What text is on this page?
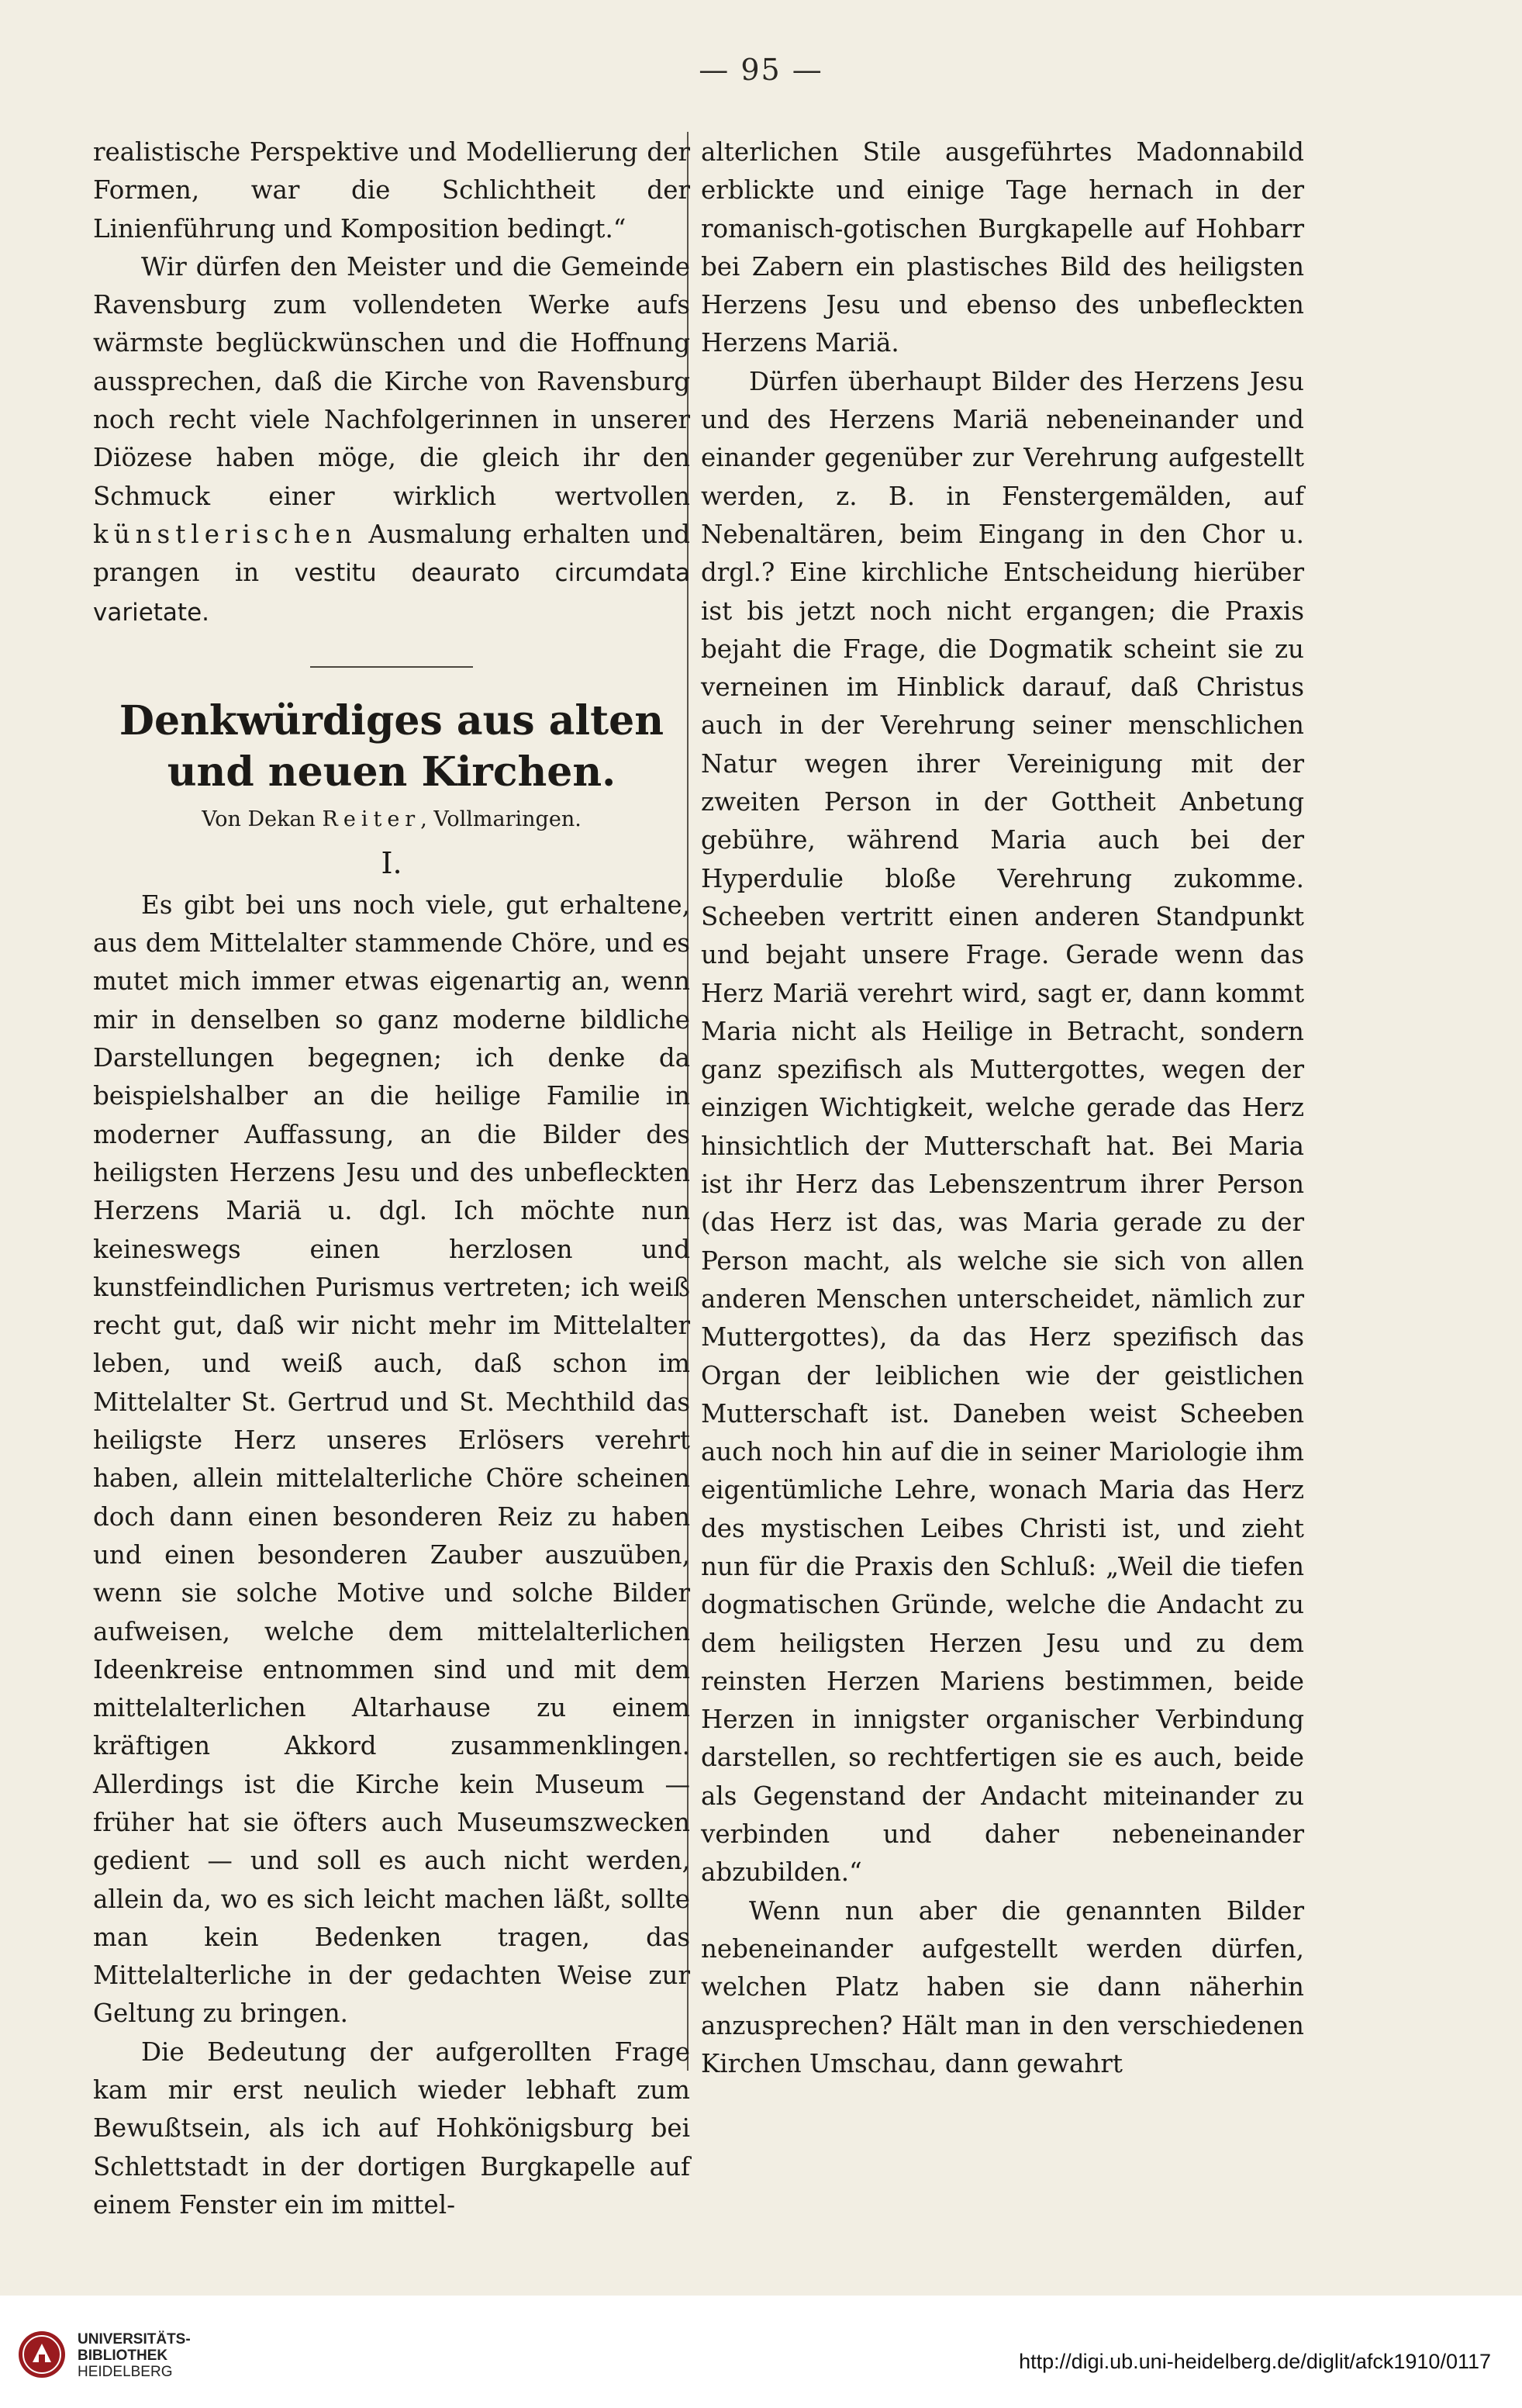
— 95 —

realistische Perspektive und Modellierung der Formen, war die Schlichtheit der Linienführung und Komposition bedingt.“

Wir dürfen den Meister und die Gemeinde Ravensburg zum vollendeten Werke aufs wärmste beglückwünschen und die Hoffnung aussprechen, daß die Kirche von Ravensburg noch recht viele Nachfolgerinnen in unserer Diözese haben möge, die gleich ihr den Schmuck einer wirklich wertvollen künstlerischen Ausmalung erhalten und prangen in vestitu deaurato circumdata varietate.

Denkwürdiges aus alten und neuen Kirchen.
Von Dekan Reiter, Vollmaringen.
I.

Es gibt bei uns noch viele, gut erhaltene, aus dem Mittelalter stammende Chöre, und es mutet mich immer etwas eigenartig an, wenn mir in denselben so ganz moderne bildliche Darstellungen begegnen; ich denke da beispielshalber an die heilige Familie in moderner Auffassung, an die Bilder des heiligsten Herzens Jesu und des unbefleckten Herzens Mariä u. dgl. Ich möchte nun keineswegs einen herzlosen und kunstfeindlichen Purismus vertreten; ich weiß recht gut, daß wir nicht mehr im Mittelalter leben, und weiß auch, daß schon im Mittelalter St. Gertrud und St. Mechthild das heiligste Herz unseres Erlösers verehrt haben, allein mittelalterliche Chöre scheinen doch dann einen besonderen Reiz zu haben und einen besonderen Zauber auszuüben, wenn sie solche Motive und solche Bilder aufweisen, welche dem mittelalterlichen Ideenkreise entnommen sind und mit dem mittelalterlichen Altarhause zu einem kräftigen Akkord zusammenklingen. Allerdings ist die Kirche kein Museum — früher hat sie öfters auch Museumszwecken gedient — und soll es auch nicht werden, allein da, wo es sich leicht machen läßt, sollte man kein Bedenken tragen, das Mittelalterliche in der gedachten Weise zur Geltung zu bringen.

Die Bedeutung der aufgerollten Frage kam mir erst neulich wieder lebhaft zum Bewußtsein, als ich auf Hohkönigsburg bei Schlettstadt in der dortigen Burgkapelle auf einem Fenster ein im mittel-

alterlichen Stile ausgeführtes Madonnabild erblickte und einige Tage hernach in der romanisch-gotischen Burgkapelle auf Hohbarr bei Zabern ein plastisches Bild des heiligsten Herzens Jesu und ebenso des unbefleckten Herzens Mariä.

Dürfen überhaupt Bilder des Herzens Jesu und des Herzens Mariä nebeneinander und einander gegenüber zur Verehrung aufgestellt werden, z. B. in Fenstergemälden, auf Nebenaltären, beim Eingang in den Chor u. drgl.? Eine kirchliche Entscheidung hierüber ist bis jetzt noch nicht ergangen; die Praxis bejaht die Frage, die Dogmatik scheint sie zu verneinen im Hinblick darauf, daß Christus auch in der Verehrung seiner menschlichen Natur wegen ihrer Vereinigung mit der zweiten Person in der Gottheit Anbetung gebühre, während Maria auch bei der Hyperdulie bloße Verehrung zukomme. Scheeben vertritt einen anderen Standpunkt und bejaht unsere Frage. Gerade wenn das Herz Mariä verehrt wird, sagt er, dann kommt Maria nicht als Heilige in Betracht, sondern ganz spezifisch als Muttergottes, wegen der einzigen Wichtigkeit, welche gerade das Herz hinsichtlich der Mutterschaft hat. Bei Maria ist ihr Herz das Lebenszentrum ihrer Person (das Herz ist das, was Maria gerade zu der Person macht, als welche sie sich von allen anderen Menschen unterscheidet, nämlich zur Muttergottes), da das Herz spezifisch das Organ der leiblichen wie der geistlichen Mutterschaft ist. Daneben weist Scheeben auch noch hin auf die in seiner Mariologie ihm eigentümliche Lehre, wonach Maria das Herz des mystischen Leibes Christi ist, und zieht nun für die Praxis den Schluß: „Weil die tiefen dogmatischen Gründe, welche die Andacht zu dem heiligsten Herzen Jesu und zu dem reinsten Herzen Mariens bestimmen, beide Herzen in innigster organischer Verbindung darstellen, so rechtfertigen sie es auch, beide als Gegenstand der Andacht miteinander zu verbinden und daher nebeneinander abzubilden.“

Wenn nun aber die genannten Bilder nebeneinander aufgestellt werden dürfen, welchen Platz haben sie dann näherhin anzusprechen? Hält man in den verschiedenen Kirchen Umschau, dann gewahrt

UNIVERSITÄTS-
BIBLIOTHEK
HEIDELBERG	http://digi.ub.uni-heidelberg.de/diglit/afck1910/0117
